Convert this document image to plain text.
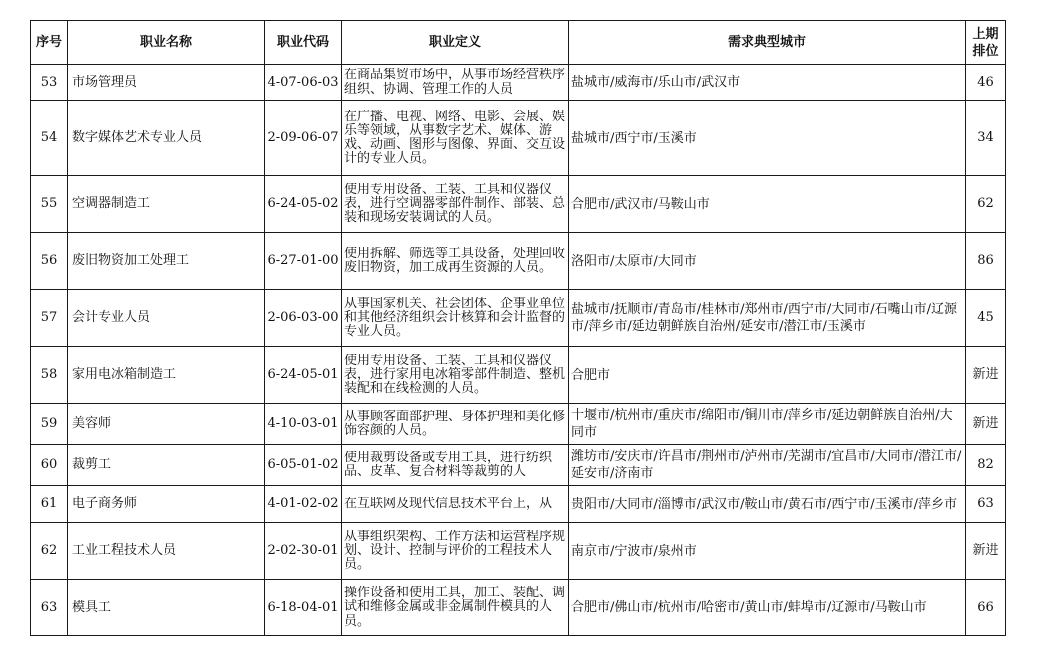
序号	职业名称	职业代码	职业定义	需求典型城市	上期排位

53	市场管理员	4-07-06-03	在商品集贸市场中，从事市场经营秩序组织、协调、管理工作的人员	盐城市/威海市/乐山市/武汉市	46

54	数字媒体艺术专业人员	2-09-06-07	在广播、电视、网络、电影、会展、娱乐等领域，从事数字艺术、媒体、游戏、动画、图形与图像、界面、交互设计的专业人员。	盐城市/西宁市/玉溪市	34

55	空调器制造工	6-24-05-02	使用专用设备、工装、工具和仪器仪表，进行空调器零部件制作、部装、总装和现场安装调试的人员。	合肥市/武汉市/马鞍山市	62

56	废旧物资加工处理工	6-27-01-00	使用拆解、筛选等工具设备，处理回收废旧物资，加工成再生资源的人员。	洛阳市/太原市/大同市	86

57	会计专业人员	2-06-03-00	从事国家机关、社会团体、企事业单位和其他经济组织会计核算和会计监督的专业人员。	盐城市/抚顺市/青岛市/桂林市/郑州市/西宁市/大同市/石嘴山市/辽源市/萍乡市/延边朝鲜族自治州/延安市/潜江市/玉溪市	45

58	家用电冰箱制造工	6-24-05-01	使用专用设备、工装、工具和仪器仪表，进行家用电冰箱零部件制造、整机装配和在线检测的人员。	合肥市	新进

59	美容师	4-10-03-01	从事顾客面部护理、身体护理和美化修饰容颜的人员。	十堰市/杭州市/重庆市/绵阳市/铜川市/萍乡市/延边朝鲜族自治州/大同市	新进

60	裁剪工	6-05-01-02	使用裁剪设备或专用工具，进行纺织品、皮革、复合材料等裁剪的人	潍坊市/安庆市/许昌市/荆州市/泸州市/芜湖市/宜昌市/大同市/潜江市/延安市/济南市	82

61	电子商务师	4-01-02-02	在互联网及现代信息技术平台上，从	贵阳市/大同市/淄博市/武汉市/鞍山市/黄石市/西宁市/玉溪市/萍乡市	63

62	工业工程技术人员	2-02-30-01	从事组织架构、工作方法和运营程序规划、设计、控制与评价的工程技术人员。	南京市/宁波市/泉州市	新进

63	模具工	6-18-04-01	操作设备和使用工具，加工、装配、调试和维修金属或非金属制件模具的人员。	合肥市/佛山市/杭州市/哈密市/黄山市/蚌埠市/辽源市/马鞍山市	66
